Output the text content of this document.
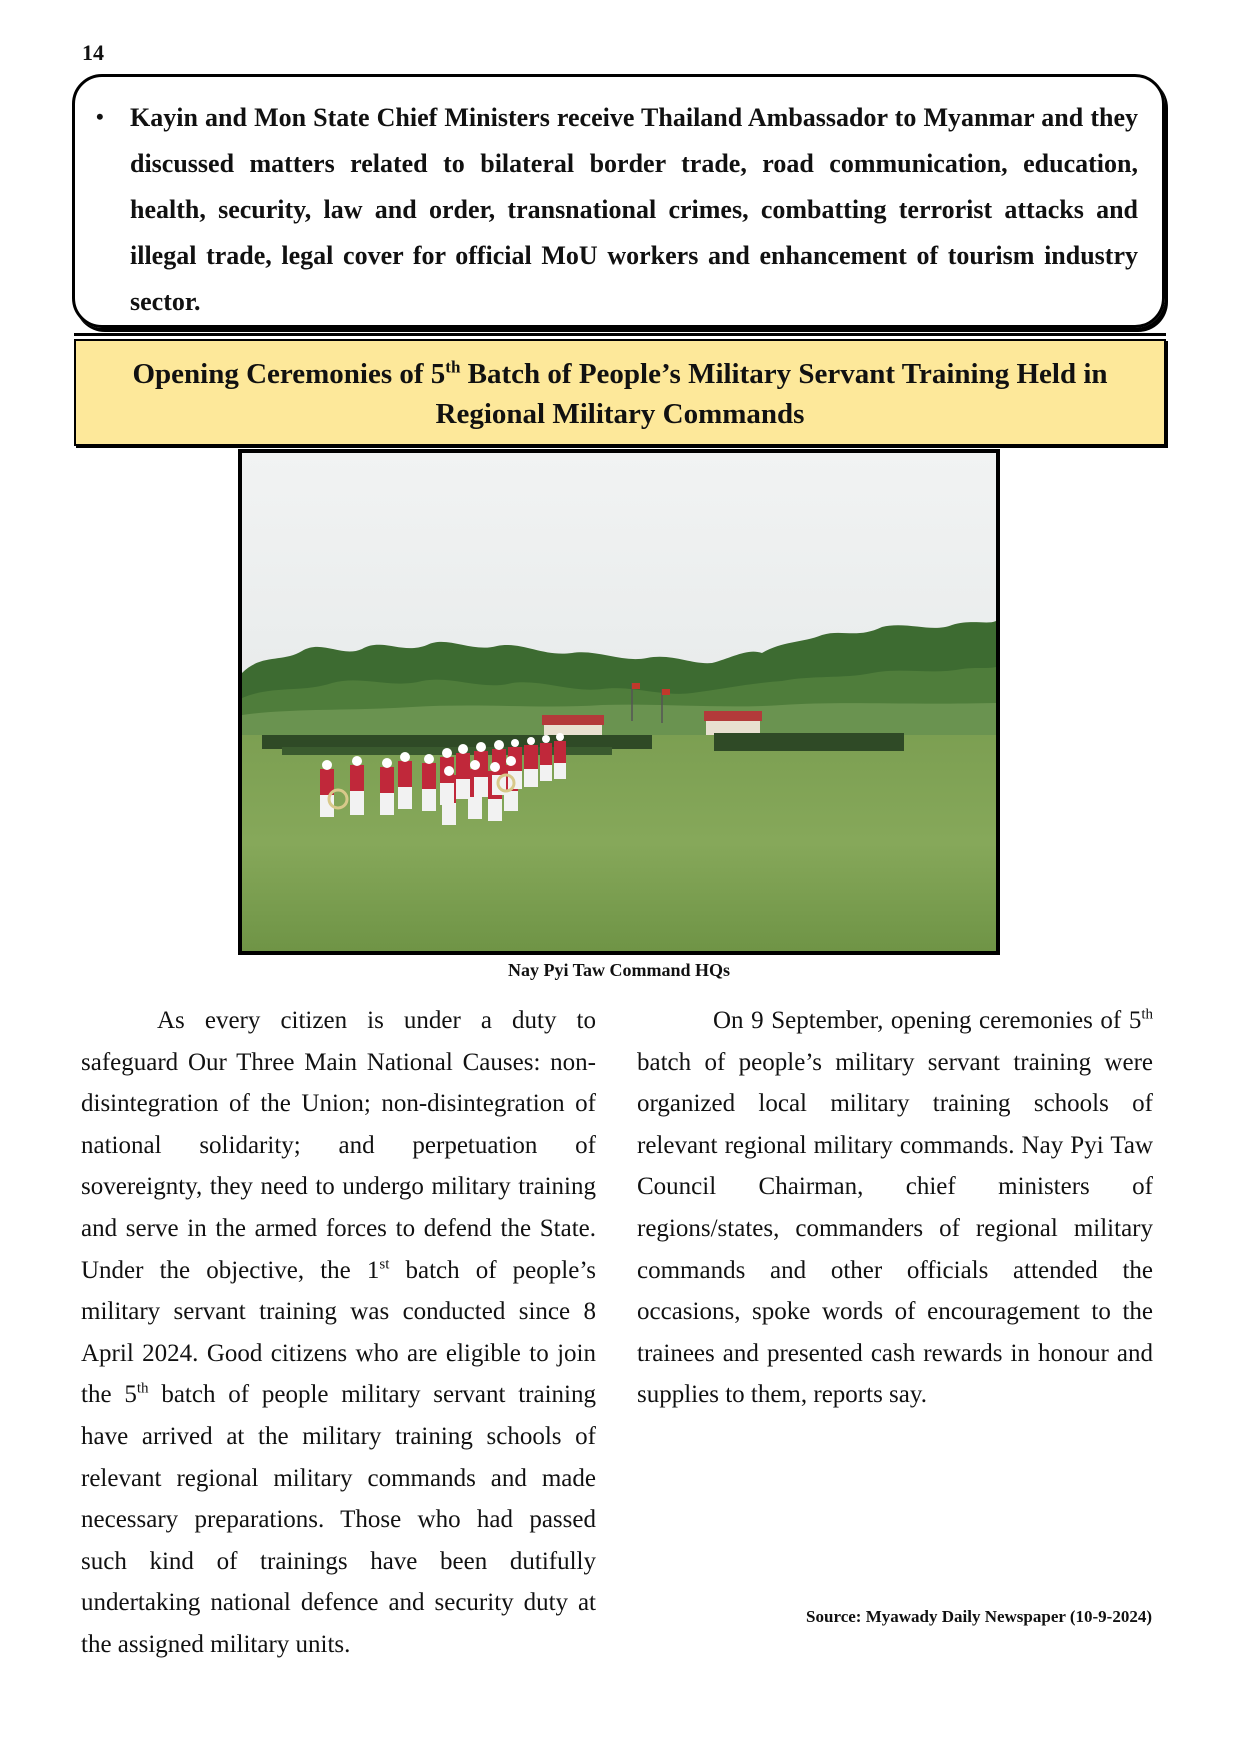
14
• Kayin and Mon State Chief Ministers receive Thailand Ambassador to Myanmar and they discussed matters related to bilateral border trade, road communication, education, health, security, law and order, transnational crimes, combatting terrorist attacks and illegal trade, legal cover for official MoU workers and enhancement of tourism industry sector.
Opening Ceremonies of 5th Batch of People’s Military Servant Training Held in Regional Military Commands
Nay Pyi Taw Command HQs

As every citizen is under a duty to safeguard Our Three Main National Causes: non-disintegration of the Union; non-disintegration of national solidarity; and perpetuation of sovereignty, they need to undergo military training and serve in the armed forces to defend the State. Under the objective, the 1st batch of people’s military servant training was conducted since 8 April 2024. Good citizens who are eligible to join the 5th batch of people military servant training have arrived at the military training schools of relevant regional military commands and made necessary preparations. Those who had passed such kind of trainings have been dutifully undertaking national defence and security duty at the assigned military units.

On 9 September, opening ceremonies of 5th batch of people’s military servant training were organized local military training schools of relevant regional military commands. Nay Pyi Taw Council Chairman, chief ministers of regions/states, commanders of regional military commands and other officials attended the occasions, spoke words of encouragement to the trainees and presented cash rewards in honour and supplies to them, reports say.

Source: Myawady Daily Newspaper (10-9-2024)
